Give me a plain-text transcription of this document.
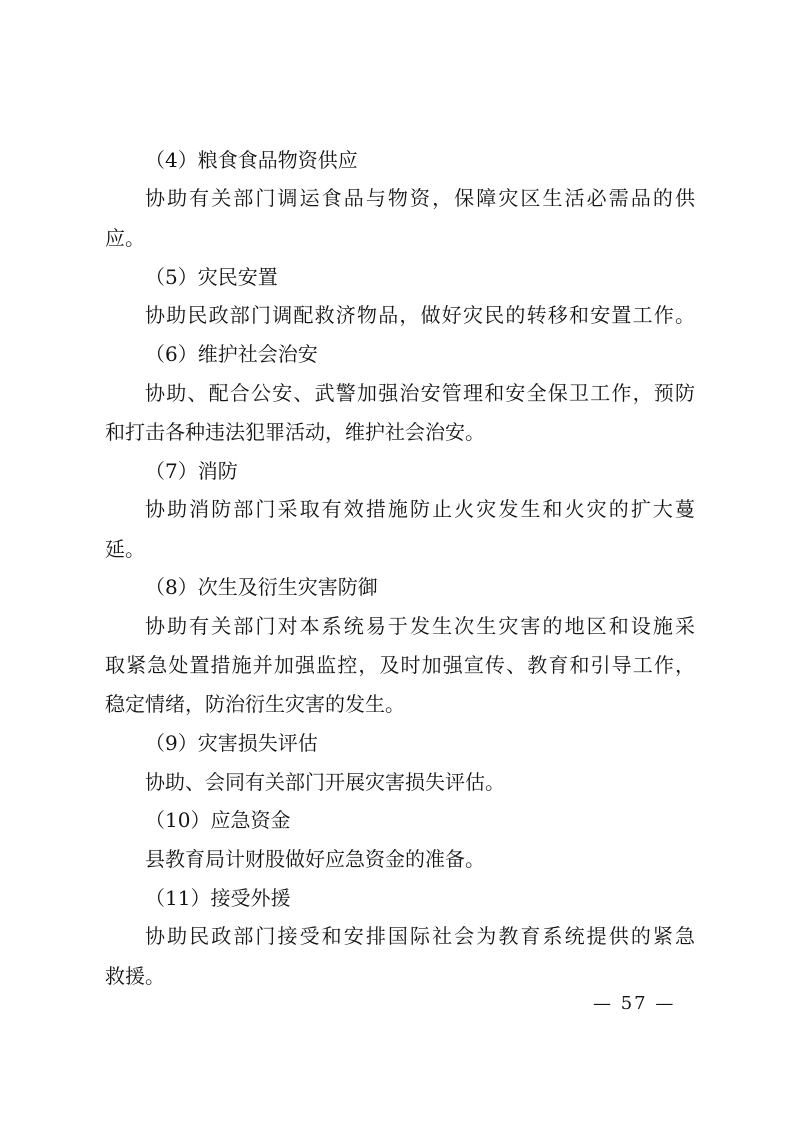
（4）粮食食品物资供应
协助有关部门调运食品与物资，保障灾区生活必需品的供
应。
（5）灾民安置
协助民政部门调配救济物品，做好灾民的转移和安置工作。
（6）维护社会治安
协助、配合公安、武警加强治安管理和安全保卫工作，预防
和打击各种违法犯罪活动，维护社会治安。
（7）消防
协助消防部门采取有效措施防止火灾发生和火灾的扩大蔓
延。
（8）次生及衍生灾害防御
协助有关部门对本系统易于发生次生灾害的地区和设施采
取紧急处置措施并加强监控，及时加强宣传、教育和引导工作，
稳定情绪，防治衍生灾害的发生。
（9）灾害损失评估
协助、会同有关部门开展灾害损失评估。
（10）应急资金
县教育局计财股做好应急资金的准备。
（11）接受外援
协助民政部门接受和安排国际社会为教育系统提供的紧急
救援。
— 57 —
